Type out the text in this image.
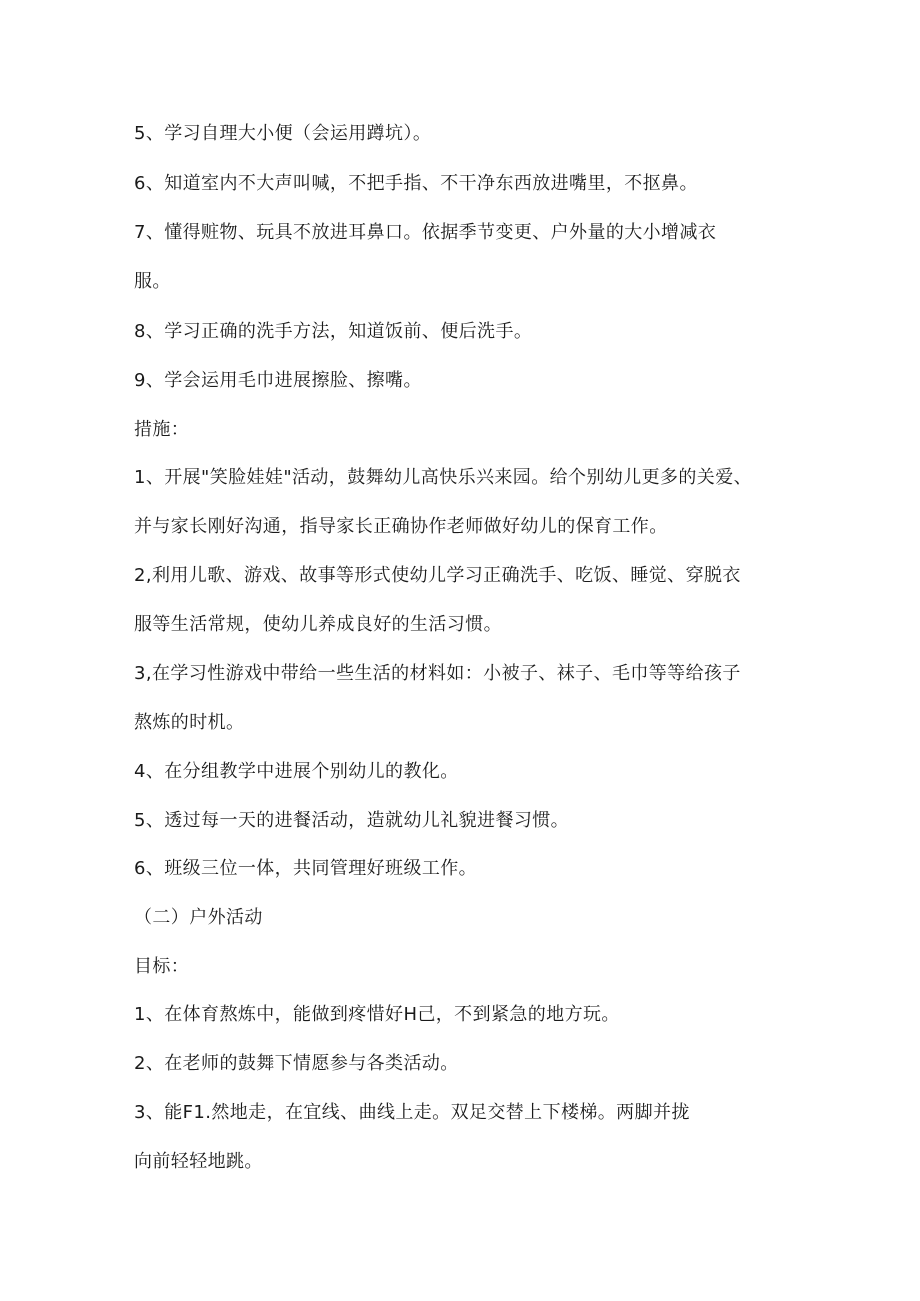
5、学习自理大小便（会运用蹲坑）。

6、知道室内不大声叫喊，不把手指、不干净东西放进嘴里，不抠鼻。

7、懂得赃物、玩具不放进耳鼻口。依据季节变更、户外量的大小增减衣

服。

8、学习正确的洗手方法，知道饭前、便后洗手。

9、学会运用毛巾进展擦脸、擦嘴。

措施：

1、开展"笑脸娃娃"活动，鼓舞幼儿高快乐兴来园。给个别幼儿更多的关爱、

并与家长刚好沟通，指导家长正确协作老师做好幼儿的保育工作。

2,利用儿歌、游戏、故事等形式使幼儿学习正确洗手、吃饭、睡觉、穿脱衣

服等生活常规，使幼儿养成良好的生活习惯。

3,在学习性游戏中带给一些生活的材料如：小被子、袜子、毛巾等等给孩子

熬炼的时机。

4、在分组教学中进展个别幼儿的教化。

5、透过每一天的进餐活动，造就幼儿礼貌进餐习惯。

6、班级三位一体，共同管理好班级工作。

（二）户外活动

目标：

1、在体育熬炼中，能做到疼惜好H己，不到紧急的地方玩。

2、在老师的鼓舞下情愿参与各类活动。

3、能F1.然地走，在宜线、曲线上走。双足交替上下楼梯。两脚并拢

向前轻轻地跳。
